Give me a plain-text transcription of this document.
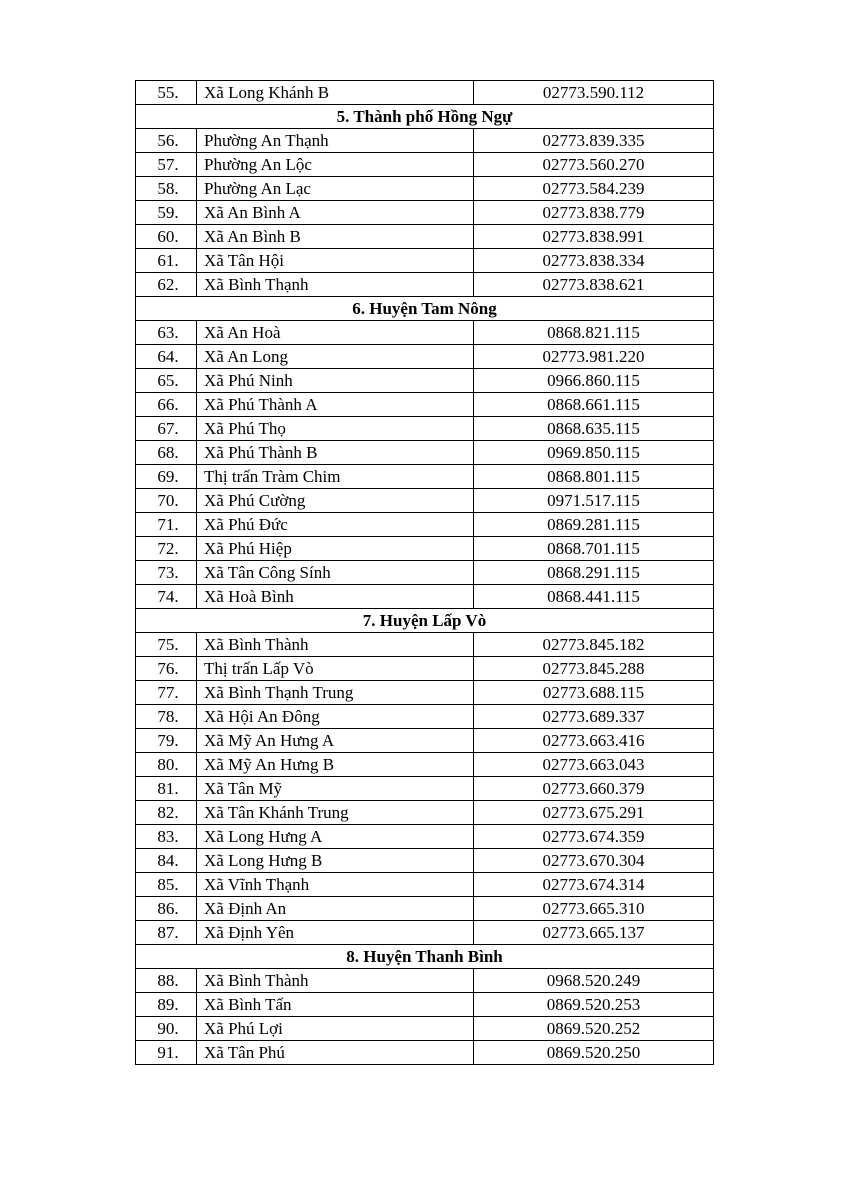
55.	Xã Long Khánh B	02773.590.112
5. Thành phố Hồng Ngự		
56.	Phường An Thạnh	02773.839.335
57.	Phường An Lộc	02773.560.270
58.	Phường An Lạc	02773.584.239
59.	Xã An Bình A	02773.838.779
60.	Xã An Bình B	02773.838.991
61.	Xã Tân Hội	02773.838.334
62.	Xã Bình Thạnh	02773.838.621
6. Huyện Tam Nông		
63.	Xã An Hoà	0868.821.115
64.	Xã An Long	02773.981.220
65.	Xã Phú Ninh	0966.860.115
66.	Xã Phú Thành A	0868.661.115
67.	Xã Phú Thọ	0868.635.115
68.	Xã Phú Thành B	0969.850.115
69.	Thị trấn Tràm Chim	0868.801.115
70.	Xã Phú Cường	0971.517.115
71.	Xã Phú Đức	0869.281.115
72.	Xã Phú Hiệp	0868.701.115
73.	Xã Tân Công Sính	0868.291.115
74.	Xã Hoà Bình	0868.441.115
7. Huyện Lấp Vò		
75.	Xã Bình Thành	02773.845.182
76.	Thị trấn Lấp Vò	02773.845.288
77.	Xã Bình Thạnh Trung	02773.688.115
78.	Xã Hội An Đông	02773.689.337
79.	Xã Mỹ An Hưng A	02773.663.416
80.	Xã Mỹ An Hưng B	02773.663.043
81.	Xã Tân Mỹ	02773.660.379
82.	Xã Tân Khánh Trung	02773.675.291
83.	Xã Long Hưng A	02773.674.359
84.	Xã Long Hưng B	02773.670.304
85.	Xã Vĩnh Thạnh	02773.674.314
86.	Xã Định An	02773.665.310
87.	Xã Định Yên	02773.665.137
8. Huyện Thanh Bình		
88.	Xã Bình Thành	0968.520.249
89.	Xã Bình Tấn	0869.520.253
90.	Xã Phú Lợi	0869.520.252
91.	Xã Tân Phú	0869.520.250
